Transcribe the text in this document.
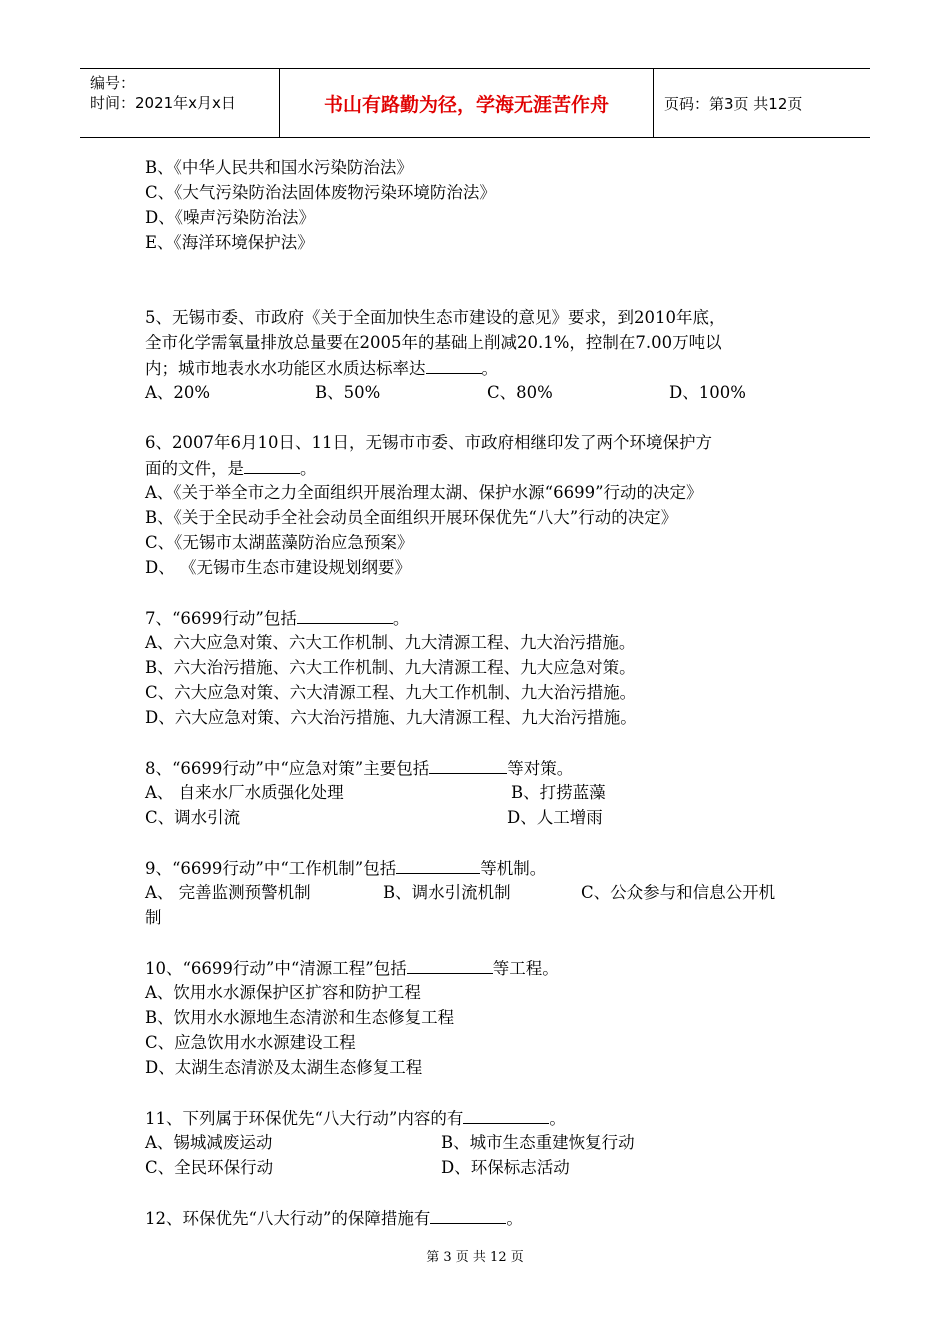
编号：
时间：2021年x月x日	书山有路勤为径，学海无涯苦作舟	页码：第3页 共12页
B、《中华人民共和国水污染防治法》
C、《大气污染防治法固体废物污染环境防治法》
D、《噪声污染防治法》
E、《海洋环境保护法》
5、无锡市委、市政府《关于全面加快生态市建设的意见》要求，到2010年底，
全市化学需氧量排放总量要在2005年的基础上削减20.1%，控制在7.00万吨以
内；城市地表水水功能区水质达标率达	。
A、20%	B、50%	C、80%	D、100%
6、2007年6月10日、11日，无锡市市委、市政府相继印发了两个环境保护方
面的文件，是	。
A、《关于举全市之力全面组织开展治理太湖、保护水源“6699”行动的决定》
B、《关于全民动手全社会动员全面组织开展环保优先“八大”行动的决定》
C、《无锡市太湖蓝藻防治应急预案》
D、 《无锡市生态市建设规划纲要》
7、“6699行动”包括	。
A、六大应急对策、六大工作机制、九大清源工程、九大治污措施。
B、六大治污措施、六大工作机制、九大清源工程、九大应急对策。
C、六大应急对策、六大清源工程、九大工作机制、九大治污措施。
D、六大应急对策、六大治污措施、九大清源工程、九大治污措施。
8、“6699行动”中“应急对策”主要包括	等对策。
A、 自来水厂水质强化处理	B、打捞蓝藻
C、调水引流	D、人工增雨
9、“6699行动”中“工作机制”包括	等机制。
A、 完善监测预警机制	B、调水引流机制	C、公众参与和信息公开机
制
10、“6699行动”中“清源工程”包括	等工程。
A、饮用水水源保护区扩容和防护工程
B、饮用水水源地生态清淤和生态修复工程
C、应急饮用水水源建设工程
D、太湖生态清淤及太湖生态修复工程
11、下列属于环保优先“八大行动”内容的有	。
A、锡城减废运动	B、城市生态重建恢复行动
C、全民环保行动	D、环保标志活动
12、环保优先“八大行动”的保障措施有	。
第 3 页 共 12 页
